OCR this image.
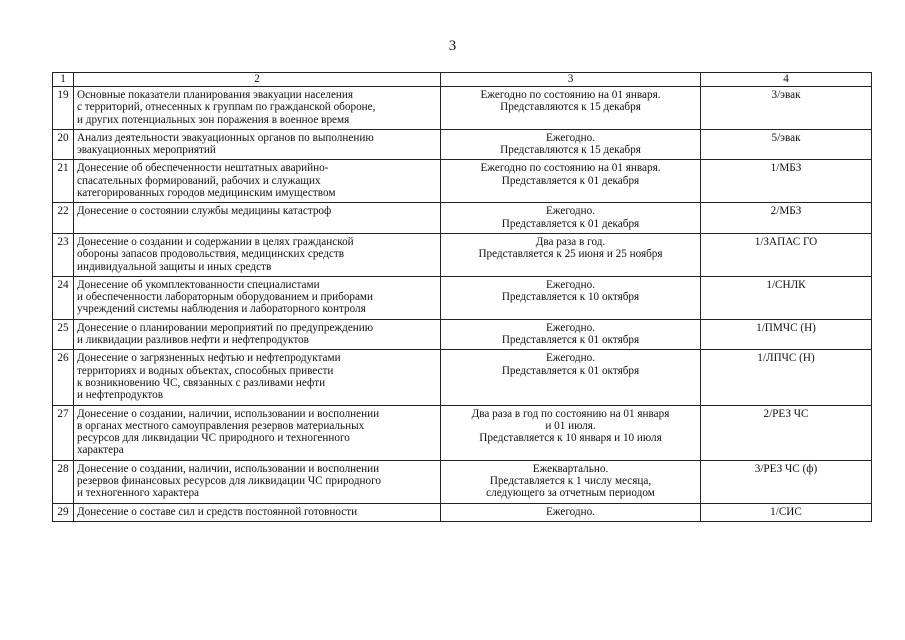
3
1	2	3	4
19	Основные показатели планирования эвакуации населения
с территорий, отнесенных к группам по гражданской обороне,
и других потенциальных зон поражения в военное время	Ежегодно по состоянию на 01 января.
Представляются к 15 декабря	3/эвак
20	Анализ деятельности эвакуационных органов по выполнению
эвакуационных мероприятий	Ежегодно.
Представляются к 15 декабря	5/эвак
21	Донесение об обеспеченности нештатных аварийно-
спасательных формирований, рабочих и служащих
категорированных городов медицинским имуществом	Ежегодно по состоянию на 01 января.
Представляется к 01 декабря	1/МБЗ
22	Донесение о состоянии службы медицины катастроф	Ежегодно.
Представляется к 01 декабря	2/МБЗ
23	Донесение о создании и содержании в целях гражданской
обороны запасов продовольствия, медицинских средств
индивидуальной защиты и иных средств	Два раза в год.
Представляется к 25 июня и 25 ноября	1/ЗАПАС ГО
24	Донесение об укомплектованности специалистами
и обеспеченности лабораторным оборудованием и приборами
учреждений системы наблюдения и лабораторного контроля	Ежегодно.
Представляется к 10 октября	1/СНЛК
25	Донесение о планировании мероприятий по предупреждению
и ликвидации разливов нефти и нефтепродуктов	Ежегодно.
Представляется к 01 октября	1/ПМЧС (Н)
26	Донесение о загрязненных нефтью и нефтепродуктами
территориях и водных объектах, способных привести
к возникновению ЧС, связанных с разливами нефти
и нефтепродуктов	Ежегодно.
Представляется к 01 октября	1/ЛПЧС (Н)
27	Донесение о создании, наличии, использовании и восполнении
в органах местного самоуправления резервов материальных
ресурсов для ликвидации ЧС природного и техногенного
характера	Два раза в год по состоянию на 01 января
и 01 июля.
Представляется к 10 января и 10 июля	2/РЕЗ ЧС
28	Донесение о создании, наличии, использовании и восполнении
резервов финансовых ресурсов для ликвидации ЧС природного
и техногенного характера	Ежеквартально.
Представляется к 1 числу месяца,
следующего за отчетным периодом	3/РЕЗ ЧС (ф)
29	Донесение о составе сил и средств постоянной готовности	Ежегодно.	1/СИС
